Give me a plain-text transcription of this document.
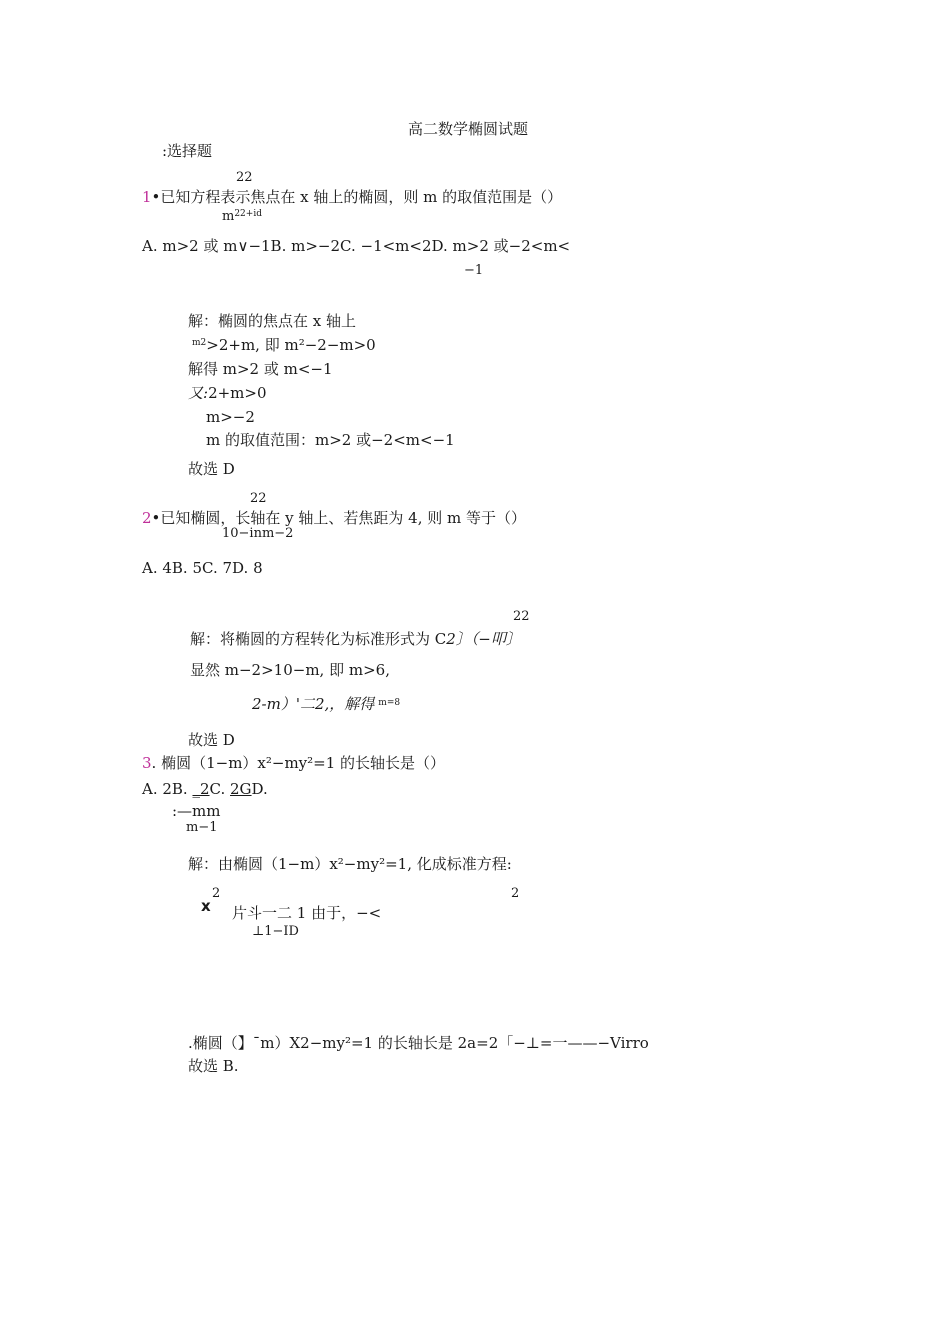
高二数学椭圆试题
:选择题
22
1•已知方程表示焦点在 x 轴上的椭圆，则 m 的取值范围是（）
$m^{22+id}$
A. m>2 或 m∨−1B. m>−2C. −1<m<2D. m>2 或−2<m<
−1
解：椭圆的焦点在 x 轴上
$^{m2}$>2+m, 即 m²−2−m>0
解得 m>2 或 m<−1
又:2+m>0
m>−2
m 的取值范围：m>2 或−2<m<−1
故选 D
22
2•已知椭圆，长轴在 y 轴上、若焦距为 4, 则 m 等于（）
10−inm−2
A. 4B. 5C. 7D. 8
22
解：将椭圆的方程转化为标准形式为 C2〕（−叩〕
显然 m−2>10−m, 即 m>6,
2-m）'二2,，解得 $^{m=8}$
故选 D
3. 椭圆（1−m）x²−my²=1 的长轴长是（）
A. 2B. _2C. 2GD.
:—mm
m−1
解：由椭圆（1−m）x²−my²=1, 化成标准方程:
x
2	2
片斗一二 1 由于，−<
⊥1−ID
.椭圆（】¯m）X2−my²=1 的长轴长是 2a=2「−⊥=一——−Virro
故选 B.
